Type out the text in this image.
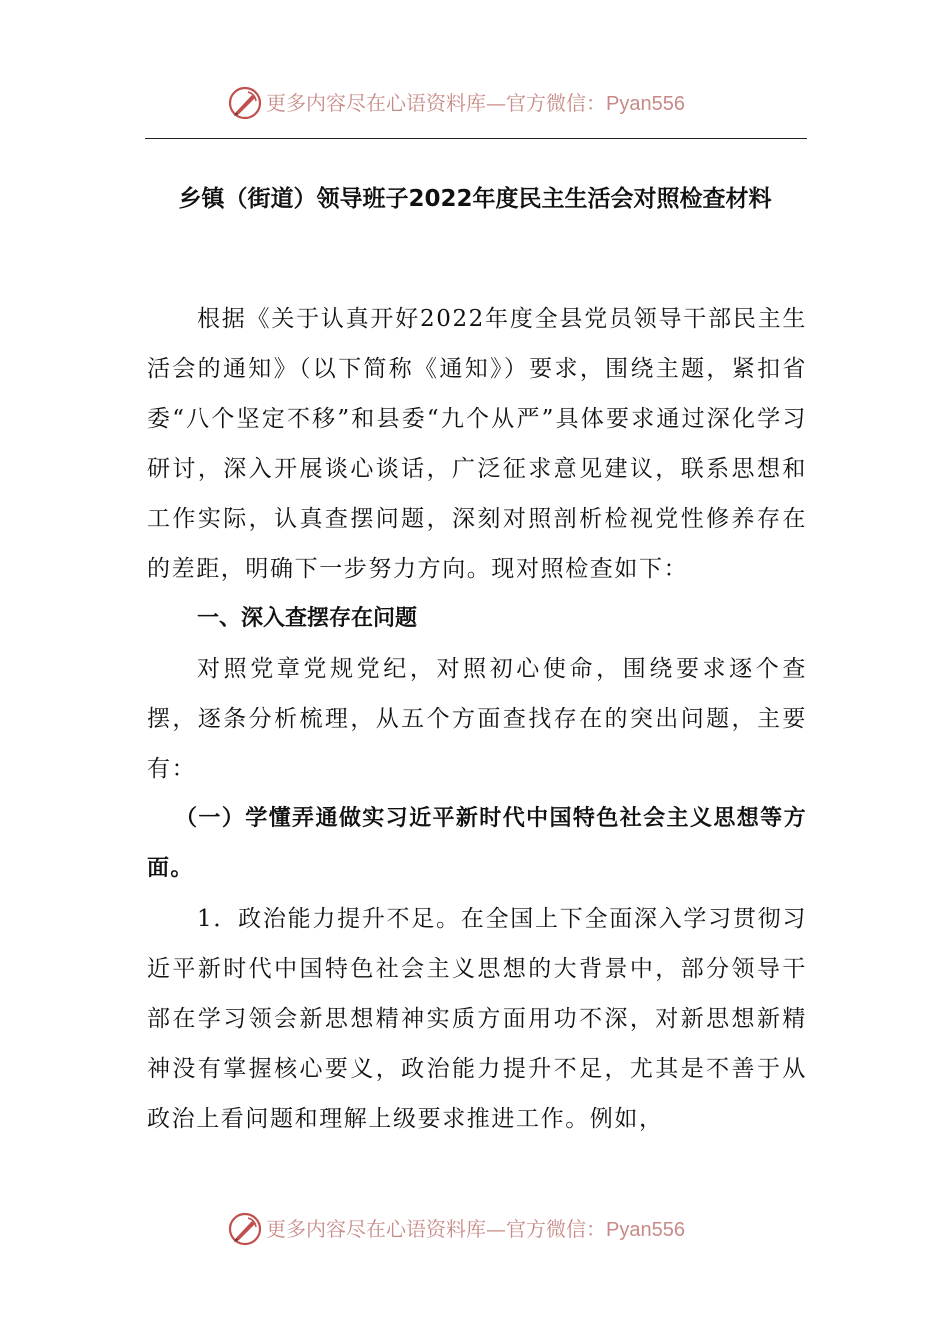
更多内容尽在心语资料库—官方微信：Pyan556
乡镇（街道）领导班子2022年度民主生活会对照检查材料

根据《关于认真开好2022年度全县党员领导干部民主生活会的通知》（以下简称《通知》）要求，围绕主题，紧扣省委“八个坚定不移”和县委“九个从严”具体要求通过深化学习研讨，深入开展谈心谈话，广泛征求意见建议，联系思想和工作实际，认真查摆问题，深刻对照剖析检视党性修养存在的差距，明确下一步努力方向。现对照检查如下：

一、深入查摆存在问题

对照党章党规党纪，对照初心使命，围绕要求逐个查摆，逐条分析梳理，从五个方面查找存在的突出问题，主要有：

（一）学懂弄通做实习近平新时代中国特色社会主义思想等方面。

1．政治能力提升不足。在全国上下全面深入学习贯彻习近平新时代中国特色社会主义思想的大背景中，部分领导干部在学习领会新思想精神实质方面用功不深，对新思想新精神没有掌握核心要义，政治能力提升不足，尤其是不善于从政治上看问题和理解上级要求推进工作。例如，

更多内容尽在心语资料库—官方微信：Pyan556
